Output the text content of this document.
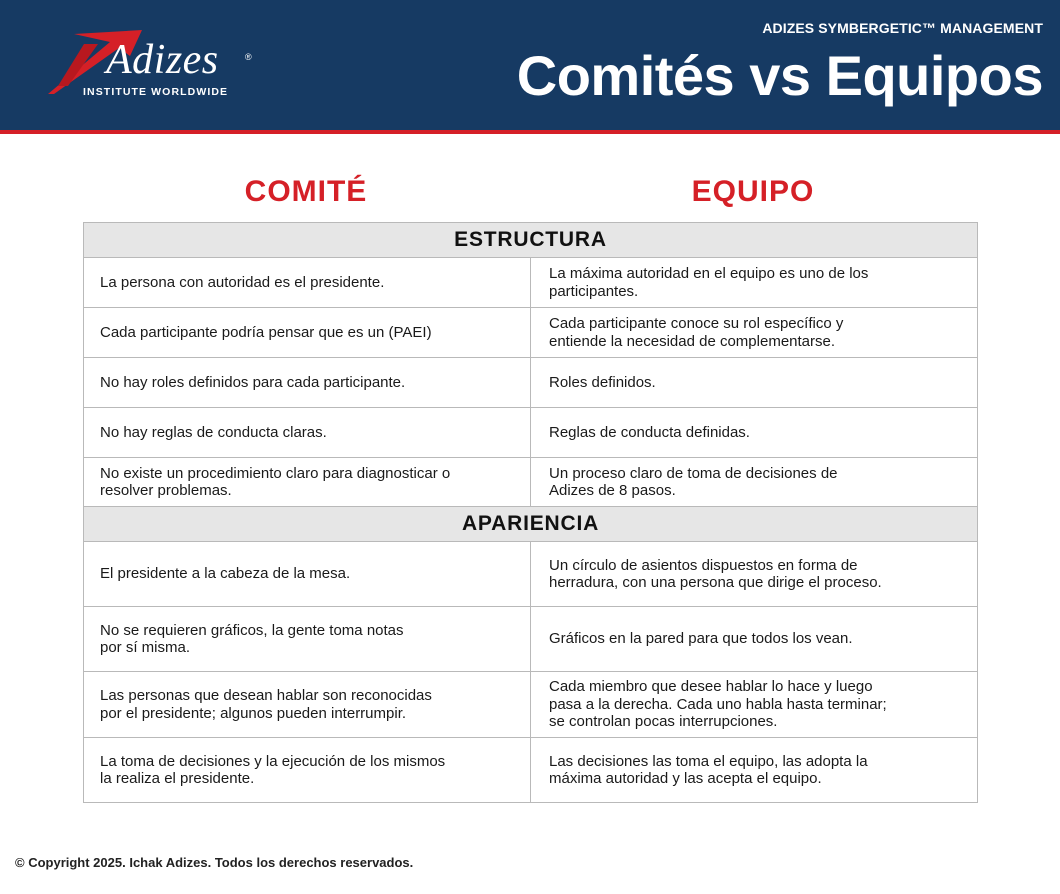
Adizes	®
INSTITUTE WORLDWIDE
ADIZES SYMBERGETIC™ MANAGEMENT
Comités vs Equipos
COMITÉ	EQUIPO
ESTRUCTURA	
La persona con autoridad es el presidente.	La máxima autoridad en el equipo es uno de los
participantes.
Cada participante podría pensar que es un (PAEI)	Cada participante conoce su rol específico y
entiende la necesidad de complementarse.
No hay roles definidos para cada participante.	Roles definidos.
No hay reglas de conducta claras.	Reglas de conducta definidas.
No existe un procedimiento claro para diagnosticar o
resolver problemas.	Un proceso claro de toma de decisiones de
Adizes de 8 pasos.
APARIENCIA	
El presidente a la cabeza de la mesa.	Un círculo de asientos dispuestos en forma de
herradura, con una persona que dirige el proceso.
No se requieren gráficos, la gente toma notas
por sí misma.	Gráficos en la pared para que todos los vean.
Las personas que desean hablar son reconocidas
por el presidente; algunos pueden interrumpir.	Cada miembro que desee hablar lo hace y luego
pasa a la derecha. Cada uno habla hasta terminar;
se controlan pocas interrupciones.
La toma de decisiones y la ejecución de los mismos
la realiza el presidente.	Las decisiones las toma el equipo, las adopta la
máxima autoridad y las acepta el equipo.
© Copyright 2025. Ichak Adizes. Todos los derechos reservados.
